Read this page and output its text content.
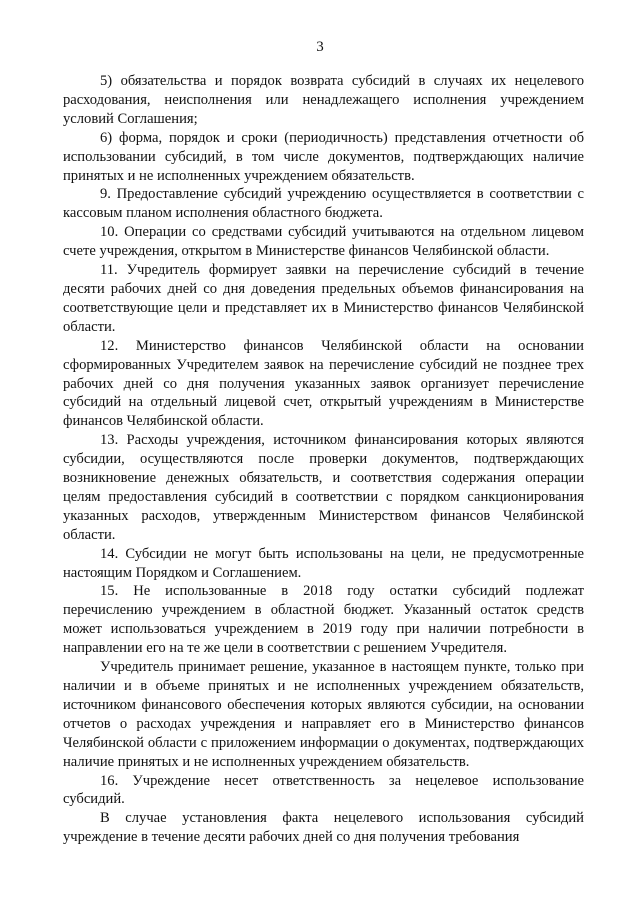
3

5) обязательства и порядок возврата субсидий в случаях их нецелевого расходования, неисполнения или ненадлежащего исполнения учреждением условий Соглашения;

6) форма, порядок и сроки (периодичность) представления отчетности об использовании субсидий, в том числе документов, подтверждающих наличие принятых и не исполненных учреждением обязательств.

9. Предоставление субсидий учреждению осуществляется в соответствии с кассовым планом исполнения областного бюджета.

10. Операции со средствами субсидий учитываются на отдельном лицевом счете учреждения, открытом в Министерстве финансов Челябинской области.

11. Учредитель формирует заявки на перечисление субсидий в течение десяти рабочих дней со дня доведения предельных объемов финансирования на соответствующие цели и представляет их в Министерство финансов Челябинской области.

12. Министерство финансов Челябинской области на основании сформированных Учредителем заявок на перечисление субсидий не позднее трех рабочих дней со дня получения указанных заявок организует перечисление субсидий на отдельный лицевой счет, открытый учреждениям в Министерстве финансов Челябинской области.

13. Расходы учреждения, источником финансирования которых являются субсидии, осуществляются после проверки документов, подтверждающих возникновение денежных обязательств, и соответствия содержания операции целям предоставления субсидий в соответствии с порядком санкционирования указанных расходов, утвержденным Министерством финансов Челябинской области.

14. Субсидии не могут быть использованы на цели, не предусмотренные настоящим Порядком и Соглашением.

15. Не использованные в 2018 году остатки субсидий подлежат перечислению учреждением в областной бюджет. Указанный остаток средств может использоваться учреждением в 2019 году при наличии потребности в направлении его на те же цели в соответствии с решением Учредителя.

Учредитель принимает решение, указанное в настоящем пункте, только при наличии и в объеме принятых и не исполненных учреждением обязательств, источником финансового обеспечения которых являются субсидии, на основании отчетов о расходах учреждения и направляет его в Министерство финансов Челябинской области с приложением информации о документах, подтверждающих наличие принятых и не исполненных учреждением обязательств.

16. Учреждение несет ответственность за нецелевое использование субсидий.

В случае установления факта нецелевого использования субсидий учреждение в течение десяти рабочих дней со дня получения требования
